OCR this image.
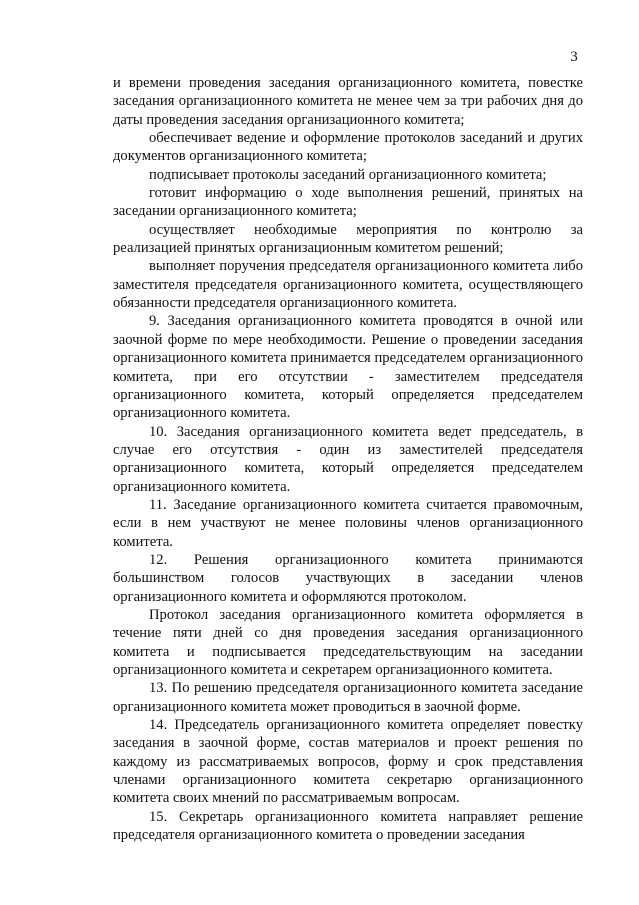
3

и времени проведения заседания организационного комитета, повестке заседания организационного комитета не менее чем за три рабочих дня до даты проведения заседания организационного комитета;

обеспечивает ведение и оформление протоколов заседаний и других документов организационного комитета;

подписывает протоколы заседаний организационного комитета;

готовит информацию о ходе выполнения решений, принятых на заседании организационного комитета;

осуществляет необходимые мероприятия по контролю за реализацией принятых организационным комитетом решений;

выполняет поручения председателя организационного комитета либо заместителя председателя организационного комитета, осуществляющего обязанности председателя организационного комитета.

9. Заседания организационного комитета проводятся в очной или заочной форме по мере необходимости. Решение о проведении заседания организационного комитета принимается председателем организационного комитета, при его отсутствии - заместителем председателя организационного комитета, который определяется председателем организационного комитета.

10. Заседания организационного комитета ведет председатель, в случае его отсутствия - один из заместителей председателя организационного комитета, который определяется председателем организационного комитета.

11. Заседание организационного комитета считается правомочным, если в нем участвуют не менее половины членов организационного комитета.

12. Решения организационного комитета принимаются большинством голосов участвующих в заседании членов организационного комитета и оформляются протоколом.

Протокол заседания организационного комитета оформляется в течение пяти дней со дня проведения заседания организационного комитета и подписывается председательствующим на заседании организационного комитета и секретарем организационного комитета.

13. По решению председателя организационного комитета заседание организационного комитета может проводиться в заочной форме.

14. Председатель организационного комитета определяет повестку заседания в заочной форме, состав материалов и проект решения по каждому из рассматриваемых вопросов, форму и срок представления членами организационного комитета секретарю организационного комитета своих мнений по рассматриваемым вопросам.

15. Секретарь организационного комитета направляет решение председателя организационного комитета о проведении заседания
